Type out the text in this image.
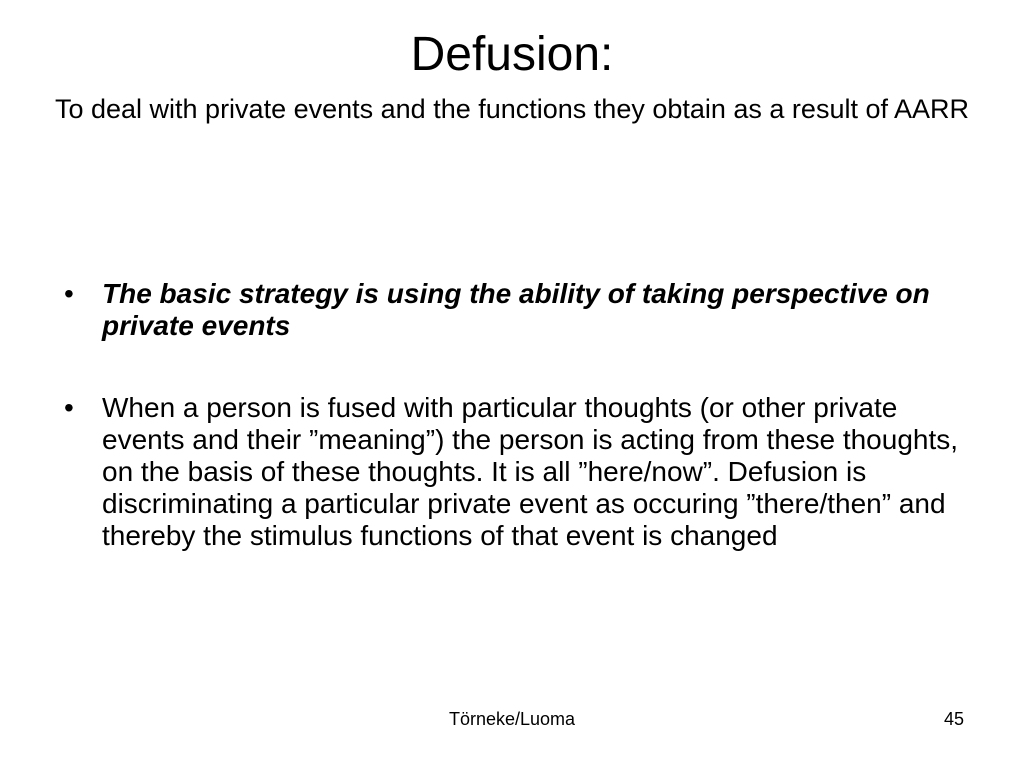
Defusion:
To deal with private events and the functions they obtain as a result of AARR
• The basic strategy is using the ability of taking perspective on private events
• When a person is fused with particular thoughts (or other private events and their ”meaning”) the person is acting from these thoughts, on the basis of these thoughts. It is all ”here/now”. Defusion is discriminating a particular private event as occuring ”there/then” and thereby the stimulus functions of that event is changed
Törneke/Luoma	45
